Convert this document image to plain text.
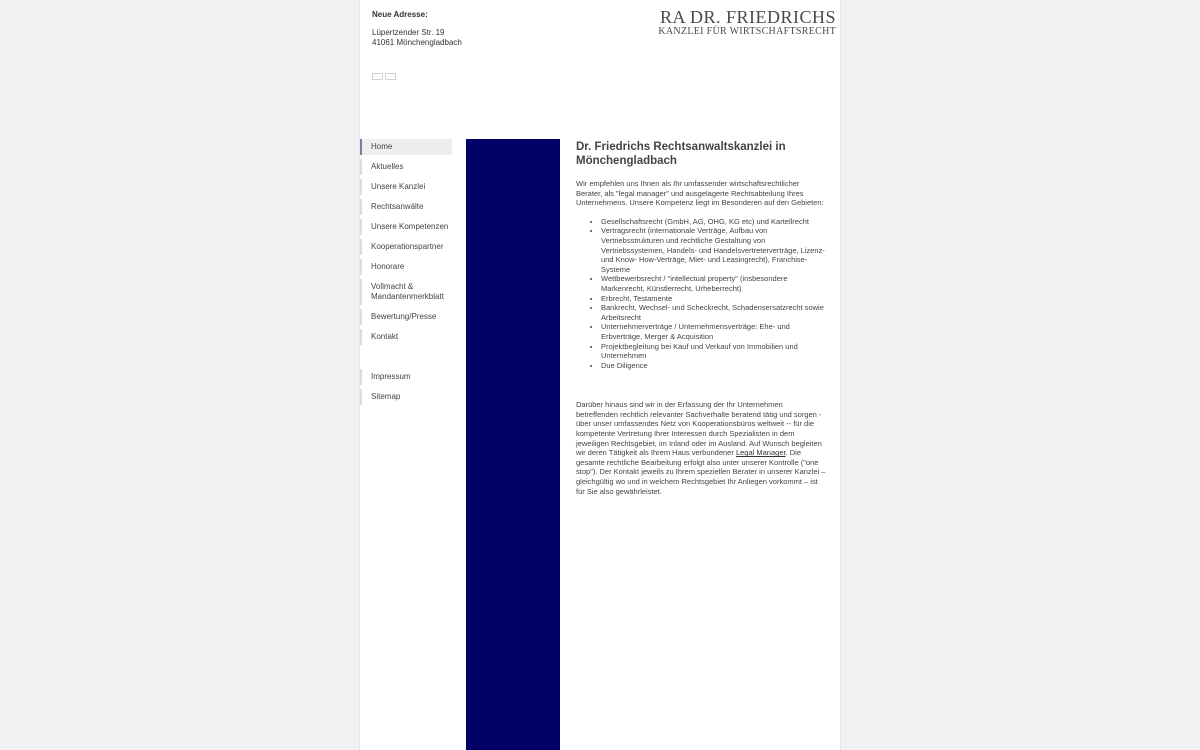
Neue Adresse:
Lüpertzender Str. 19
41061 Mönchengladbach
RA DR. FRIEDRICHS
KANZLEI FÜR WIRTSCHAFTSRECHT
Home
Aktuelles
Unsere Kanzlei
Rechtsanwälte
Unsere Kompetenzen
Kooperationspartner
Honorare
Vollmacht & Mandantenmerkblatt
Bewertung/Presse
Kontakt
Impressum
Sitemap
Dr. Friedrichs Rechtsanwaltskanzlei in Mönchengladbach

Wir empfehlen uns Ihnen als Ihr umfassender wirtschaftsrechtlicher Berater, als "legal manager" und ausgelagerte Rechtsabteilung Ihres Unternehmens. Unsere Kompetenz liegt im Besonderen auf den Gebieten:

• Gesellschaftsrecht (GmbH, AG, OHG, KG etc) und Kartellrecht
• Vertragsrecht (internationale Verträge, Aufbau von Vertriebsstrukturen und rechtliche Gestaltung von Vertriebssystemen, Handels- und Handelsvertreterverträge, Lizenz- und Know- How-Verträge, Miet- und Leasingrecht), Franchise-Systeme
• Wettbewerbsrecht / "intellectual property" (insbesondere Markenrecht, Künstlerrecht, Urheberrecht)
• Erbrecht, Testamente
• Bankrecht, Wechsel- und Scheckrecht, Schadensersatzrecht sowie Arbeitsrecht
• Unternehmerverträge / Unternehmensverträge: Ehe- und Erbverträge, Merger & Acquisition
• Projektbegleitung bei Kauf und Verkauf von Immobilien und Unternehmen
• Due Diligence

Darüber hinaus sind wir in der Erfassung der Ihr Unternehmen betreffenden rechtlich relevanter Sachverhalte beratend tätig und sorgen - über unser umfassendes Netz von Kooperationsbüros weltweit -- für die kompetente Vertretung Ihrer Interessen durch Spezialisten in dem jeweiligen Rechtsgebiet, im Inland oder im Ausland. Auf Wunsch begleiten wir deren Tätigkeit als Ihrem Haus verbundener Legal Manager. Die gesamte rechtliche Bearbeitung erfolgt also unter unserer Kontrolle ("one stop"). Der Kontakt jeweils zu Ihrem speziellen Berater in unserer Kanzlei – gleichgültig wo und in welchem Rechtsgebiet Ihr Anliegen vorkommt – ist für Sie also gewährleistet.
